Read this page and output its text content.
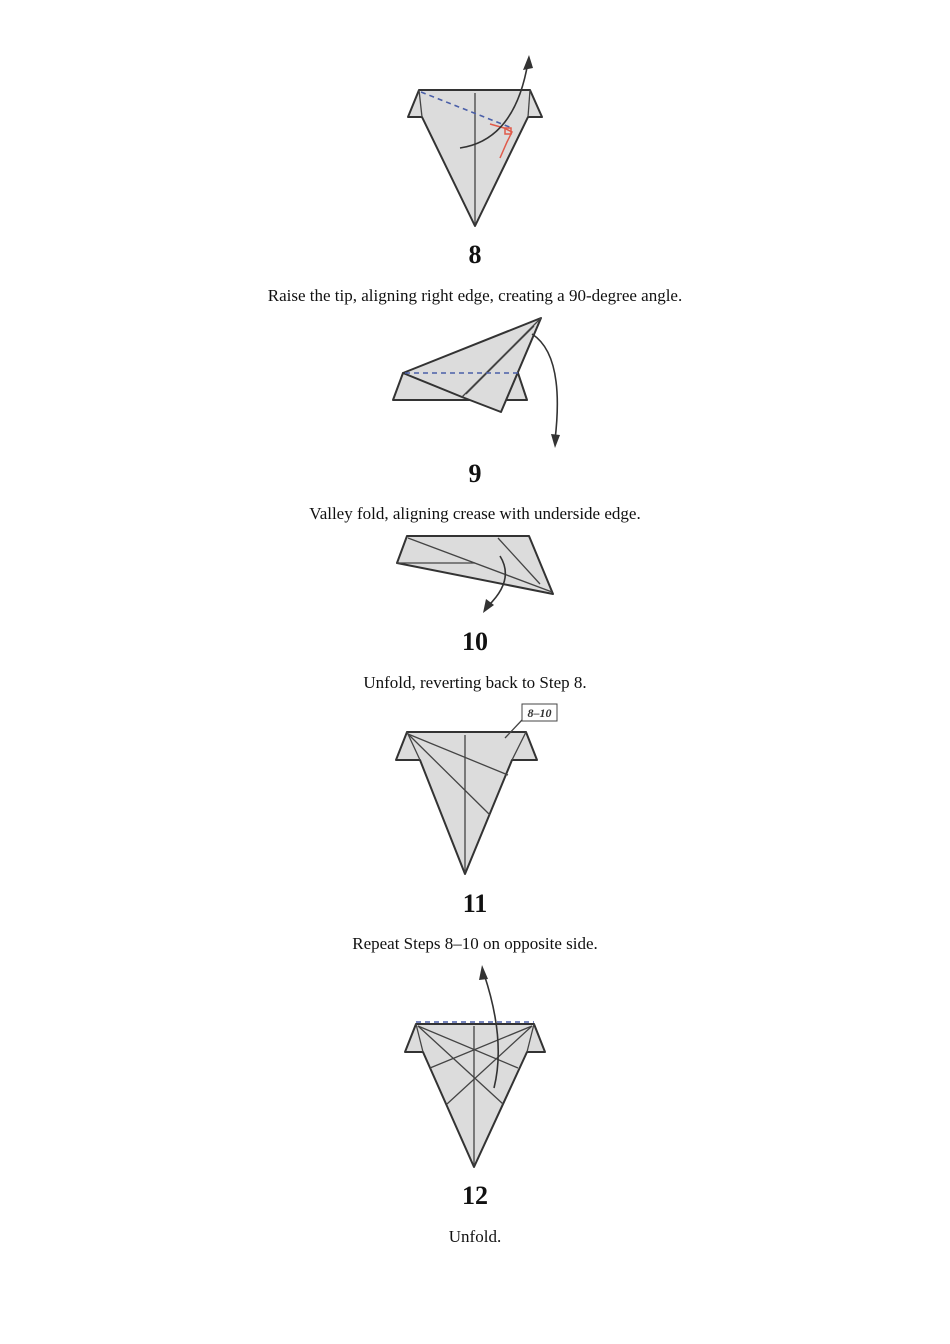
8
Raise the tip, aligning right edge, creating a 90-degree angle.
9
Valley fold, aligning crease with underside edge.
10
Unfold, reverting back to Step 8.
8–10
11
Repeat Steps 8–10 on opposite side.
12
Unfold.
